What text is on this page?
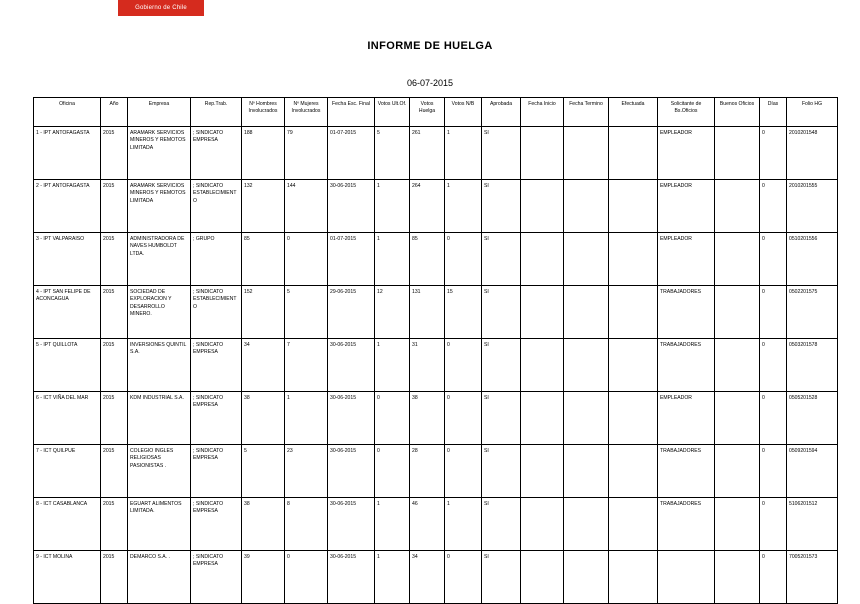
Gobierno de Chile
INFORME DE HUELGA
06-07-2015
Oficina	Año	Empresa	Rep.Trab.	Nº Hombres Involucrados	Nº Mujeres Involucrados	Fecha Esc. Final	Votos Ult.Of.	Votos Huelga	Votos N/B	Aprobada	Fecha Inicio	Fecha Termino	Efectuada	Solicitante de Bs.Oficios	Buenos Oficios	Días	Folio HG
1 - IPT ANTOFAGASTA	2015	ARAMARK SERVICIOS MINEROS Y REMOTOS LIMITADA	; SINDICATO EMPRESA	188	79	01-07-2015	5	261	1	SI				EMPLEADOR		0	2010201548
2 - IPT ANTOFAGASTA	2015	ARAMARK SERVICIOS MINEROS Y REMOTOS LIMITADA	; SINDICATO ESTABLECIMIENTO	132	144	30-06-2015	1	264	1	SI				EMPLEADOR		0	2010201555
3 - IPT VALPARAISO	2015	ADMINISTRADORA DE NAVES HUMBOLDT LTDA.	; GRUPO	85	0	01-07-2015	1	85	0	SI				EMPLEADOR		0	0510201556
4 - IPT SAN FELIPE DE ACONCAGUA	2015	SOCIEDAD DE EXPLORACION Y DESARROLLO MINERO.	; SINDICATO ESTABLECIMIENTO	152	5	29-06-2015	12	131	15	SI				TRABAJADORES		0	0502201575
5 - IPT QUILLOTA	2015	INVERSIONES QUINTIL S.A.	; SINDICATO EMPRESA	34	7	30-06-2015	1	31	0	SI				TRABAJADORES		0	0503201578
6 - ICT VIÑA DEL MAR	2015	KDM INDUSTRIAL S.A.	; SINDICATO EMPRESA	38	1	30-06-2015	0	38	0	SI				EMPLEADOR		0	0505201528
7 - ICT QUILPUE	2015	COLEGIO INGLES RELIGIOSAS PASIONISTAS .	; SINDICATO EMPRESA	5	23	30-06-2015	0	28	0	SI				TRABAJADORES		0	0509201594
8 - ICT CASABLANCA	2015	EGUART ALIMENTOS LIMITADA.	; SINDICATO EMPRESA	38	8	30-06-2015	1	46	1	SI				TRABAJADORES		0	5106201512
9 - ICT MOLINA	2015	DEMARCO S.A. .	; SINDICATO EMPRESA	39	0	30-06-2015	1	34	0	SI						0	7005201573
